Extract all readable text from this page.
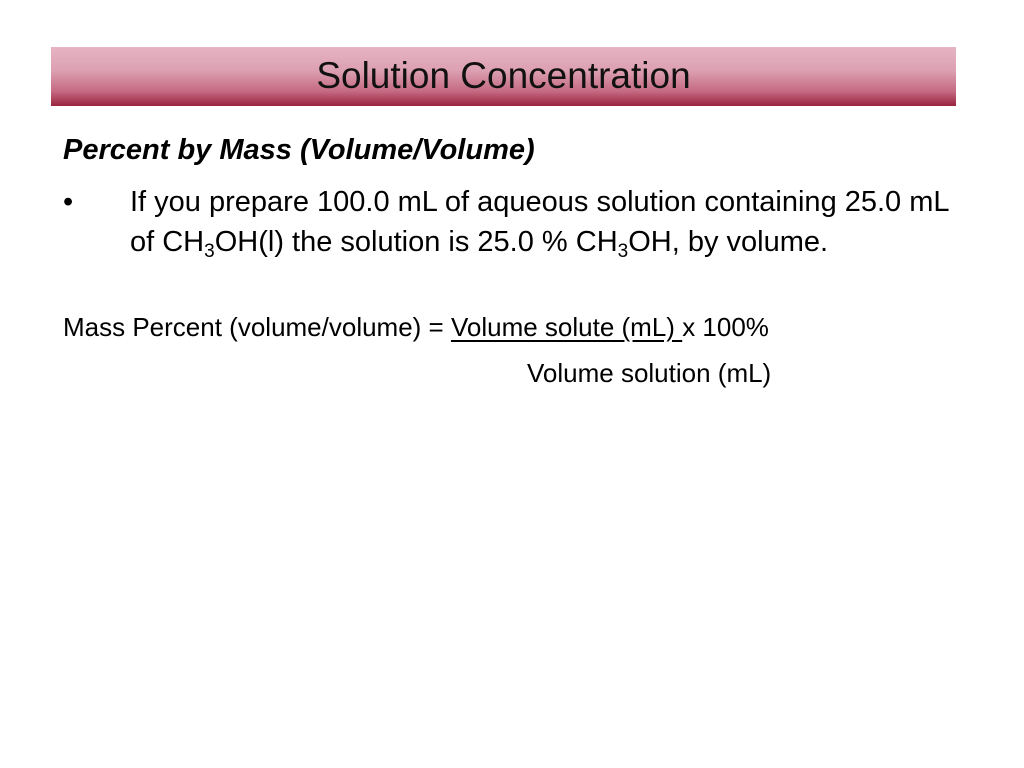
Solution Concentration
Percent by Mass (Volume/Volume)
•	If you prepare 100.0 mL of aqueous solution containing 25.0 mL of $CH_3OH(l)$ the solution is 25.0 % $CH_3OH$, by volume.
Mass Percent (volume/volume) = Volume solute (mL) x 100%
Volume solution (mL)
